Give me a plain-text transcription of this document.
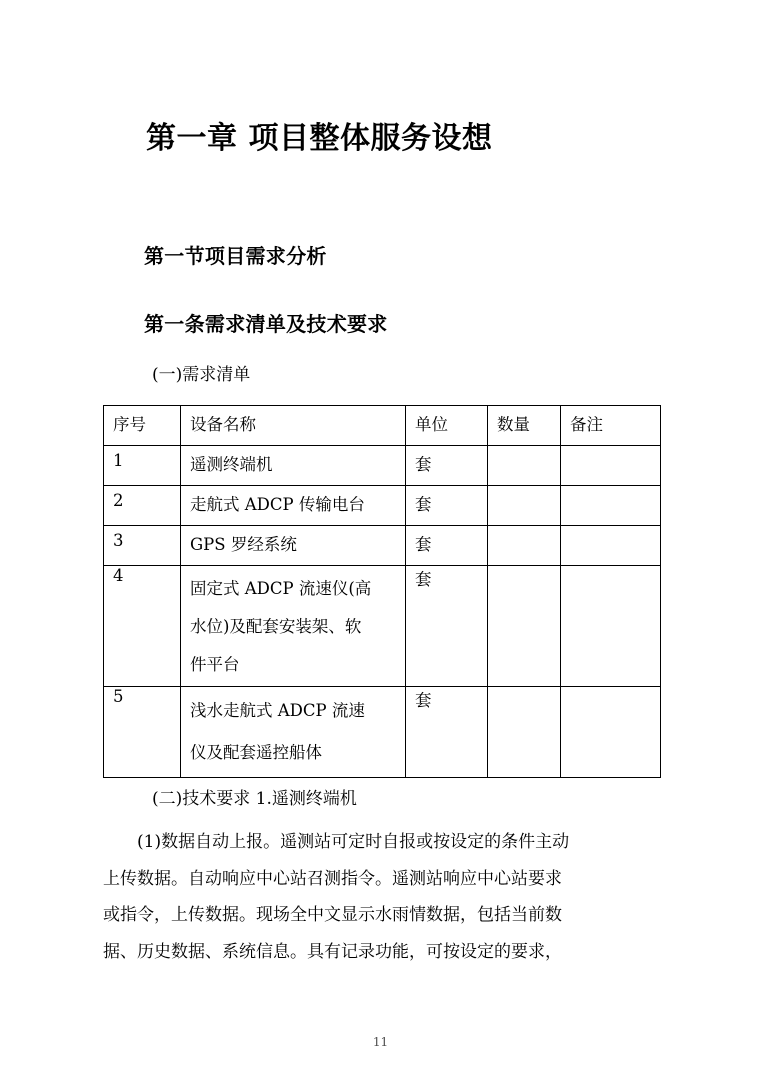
第一章 项目整体服务设想
第一节项目需求分析
第一条需求清单及技术要求
(一)需求清单
序号	设备名称	单位	数量	备注

1	遥测终端机	套		

2	走航式 ADCP 传输电台	套		

3	GPS 罗经系统	套		

4	固定式 ADCP 流速仪(高
水位)及配套安装架、软
件平台	套		

5	浅水走航式 ADCP 流速
仪及配套遥控船体	套		

(二)技术要求 1.遥测终端机
(1)数据自动上报。遥测站可定时自报或按设定的条件主动
上传数据。自动响应中心站召测指令。遥测站响应中心站要求
或指令，上传数据。现场全中文显示水雨情数据，包括当前数
据、历史数据、系统信息。具有记录功能，可按设定的要求，
11
